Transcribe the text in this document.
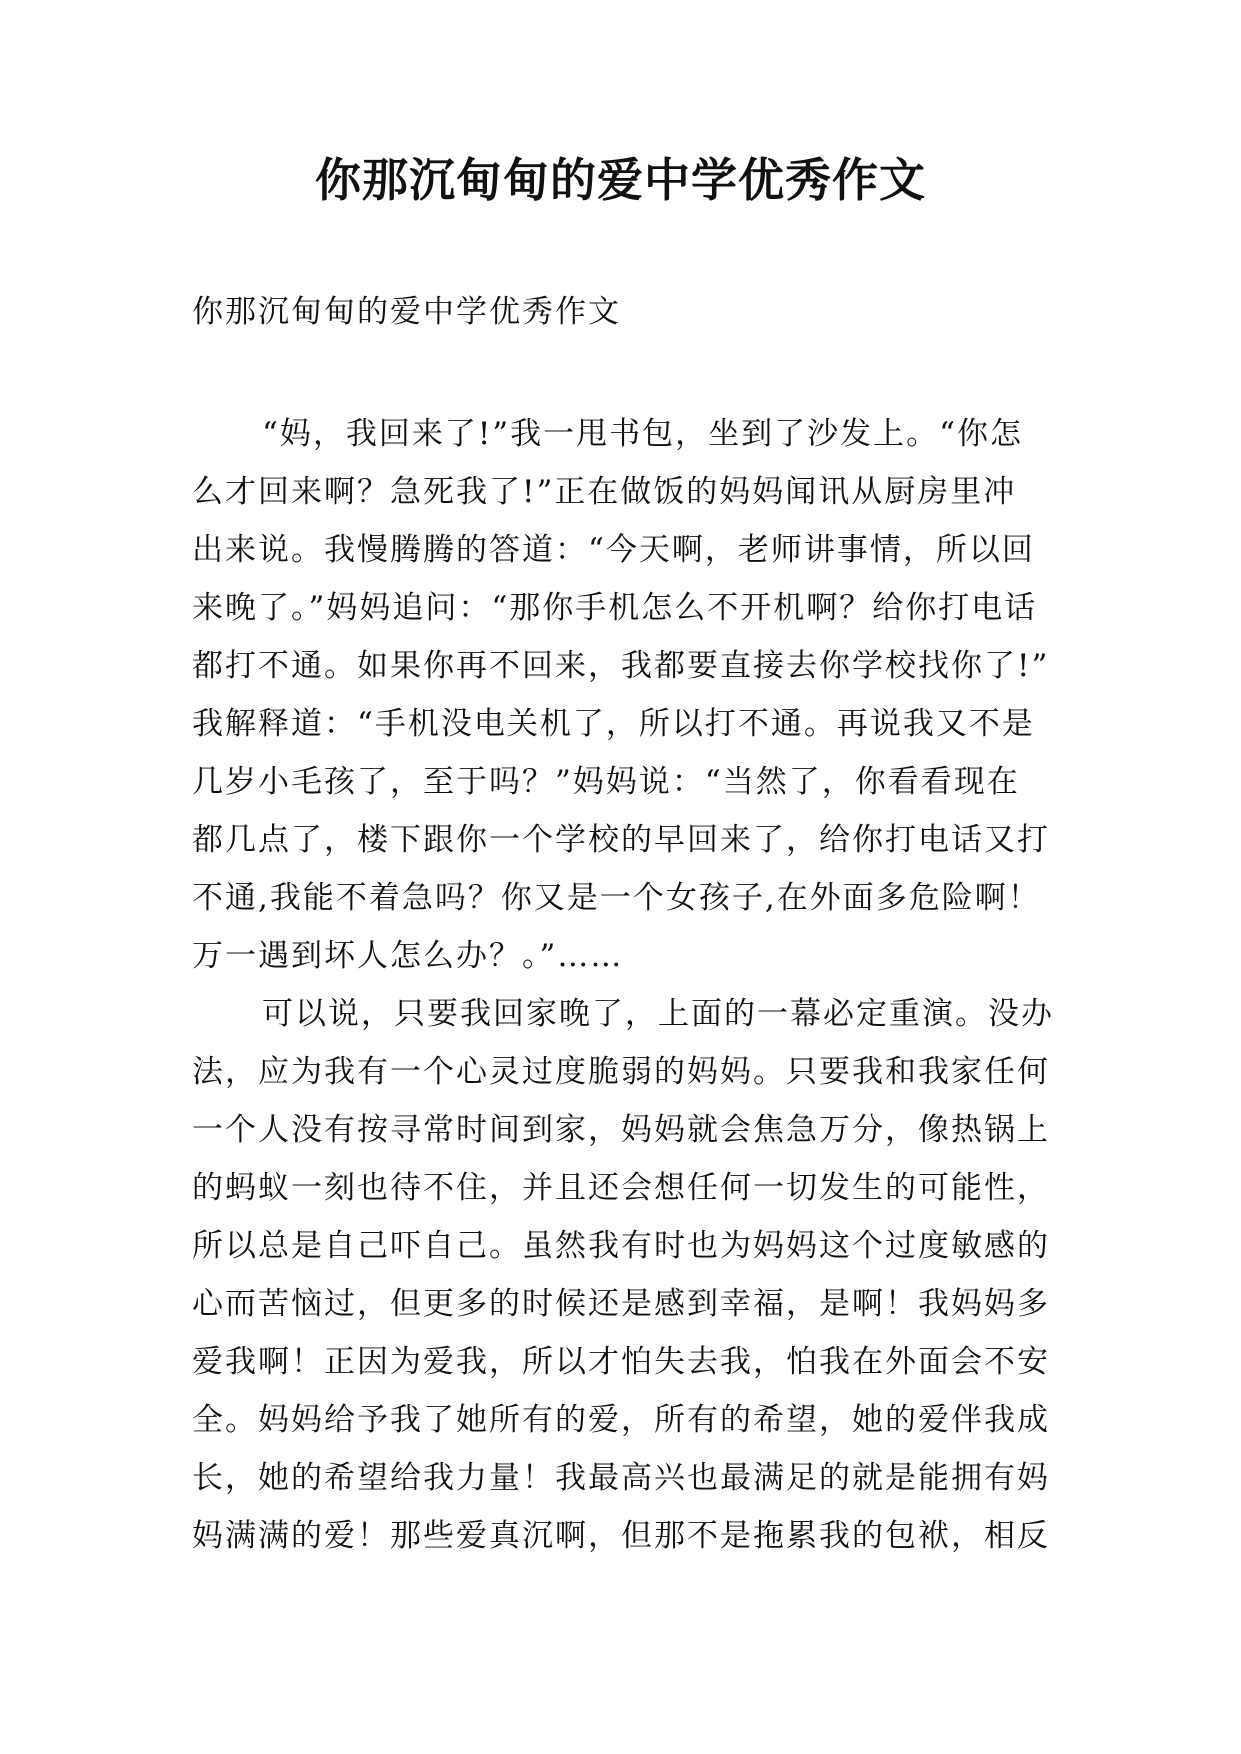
你那沉甸甸的爱中学优秀作文

你那沉甸甸的爱中学优秀作文

“妈，我回来了!”我一甩书包，坐到了沙发上。“你怎
么才回来啊？急死我了!”正在做饭的妈妈闻讯从厨房里冲
出来说。我慢腾腾的答道：“今天啊，老师讲事情，所以回
来晚了。”妈妈追问：“那你手机怎么不开机啊？给你打电话
都打不通。如果你再不回来，我都要直接去你学校找你了!”
我解释道：“手机没电关机了，所以打不通。再说我又不是
几岁小毛孩了，至于吗？”妈妈说：“当然了，你看看现在
都几点了，楼下跟你一个学校的早回来了，给你打电话又打
不通,我能不着急吗？你又是一个女孩子,在外面多危险啊！
万一遇到坏人怎么办？。”……
可以说，只要我回家晚了，上面的一幕必定重演。没办
法，应为我有一个心灵过度脆弱的妈妈。只要我和我家任何
一个人没有按寻常时间到家，妈妈就会焦急万分，像热锅上
的蚂蚁一刻也待不住，并且还会想任何一切发生的可能性，
所以总是自己吓自己。虽然我有时也为妈妈这个过度敏感的
心而苦恼过，但更多的时候还是感到幸福，是啊！我妈妈多
爱我啊！正因为爱我，所以才怕失去我，怕我在外面会不安
全。妈妈给予我了她所有的爱，所有的希望，她的爱伴我成
长，她的希望给我力量！我最高兴也最满足的就是能拥有妈
妈满满的爱！那些爱真沉啊，但那不是拖累我的包袱，相反
